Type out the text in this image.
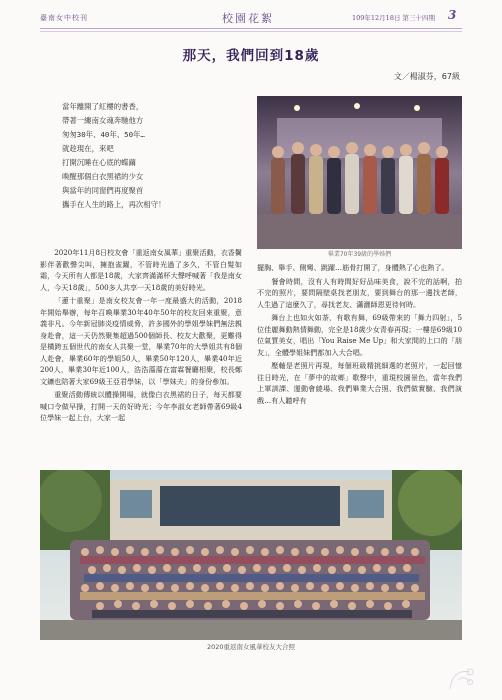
臺南女中校刊	校園花絮	109年12月18日 第三十四期 3
那天，我們回到18歲
文／楊淑芬，67級
當年離開了紅樓的書香，
帶著一縷南女魂奔馳他方
匆匆30年、40年、50年…
就趁現在，來吧
打開沉睡在心底的蝶繭
喚醒那個白衣黑裙的少女
與當年的同窗們再度聚首
攜手在人生的路上，再次相守！
畢業70年39級的學姊們

2020年11月8日校友會「重返南女風華」重聚活動，衣香鬢影伴著歡聲尖叫，擁抱雀躍，不管時光過了多久，不管白髮如霜，今天所有人都是18歲，大家齊滿滿杯大聲呼喊著「我是南女人，今天18歲」，500多人共享一天18歲的美好時光。

「蓮十重聚」是南女校友會一年一度最盛大的活動，2018年開始舉辦，每年召喚畢業30年40年50年的校友回來重聚，意義非凡。今年新冠肺炎疫情威脅，許多國外的學姐學妹們無法親身赴會，這一天仍然聚集超過500個師長、校友大歡聚，更難得是橫跨五個世代的南女人共聚一堂，畢業70年的大學姐共有8個人赴會，畢業60年的學姐50人，畢業50年120人，畢業40年近200人，畢業30年近100人，浩浩蕩蕩在富霖餐廳相聚，校長鄭文鑛也陪著大家69級王亞君學妹，以「學妹夫」的身份參加。

重聚活動傳統以體操開場，就像白衣黑裙的日子，每天都要喊口令做早操，打開一天的好時光；今年李淑女老師帶著69級4位學妹一起上台，大家一起

擺胸、舉手、側彎、跳躍…筋骨打開了，身體熱了心也熱了。

餐會時間，沒有人有時間好好品味美食，說不完的話啊，拍不完的照片，要問隔壁桌找老朋友，要到舞台的那一邊找老師，人生過了這麼久了，尋找老友、瀟灑師恩更待何時。

舞台上也如火如荼，有歌有舞，69級帶來的「舞力四射」，5位佳麗舞動熱情舞動，完全是18歲少女青春再現；一樓是69級10位氣質美女，唱出「You Raise Me Up」和大家間的上口的「朋友」，全體學姐妹們都加入大合唱。

壓軸是老照片再現，每個班級精挑細選的老照片，一起回憶往日時光，在「夢中的故鄉」歌聲中，重現校園景色，當年我們上軍訓課、運動會繞場、我們畢業大合照、我們做實驗、我們演戲…有人聽呼有

2020重返南女風華校友大合照
